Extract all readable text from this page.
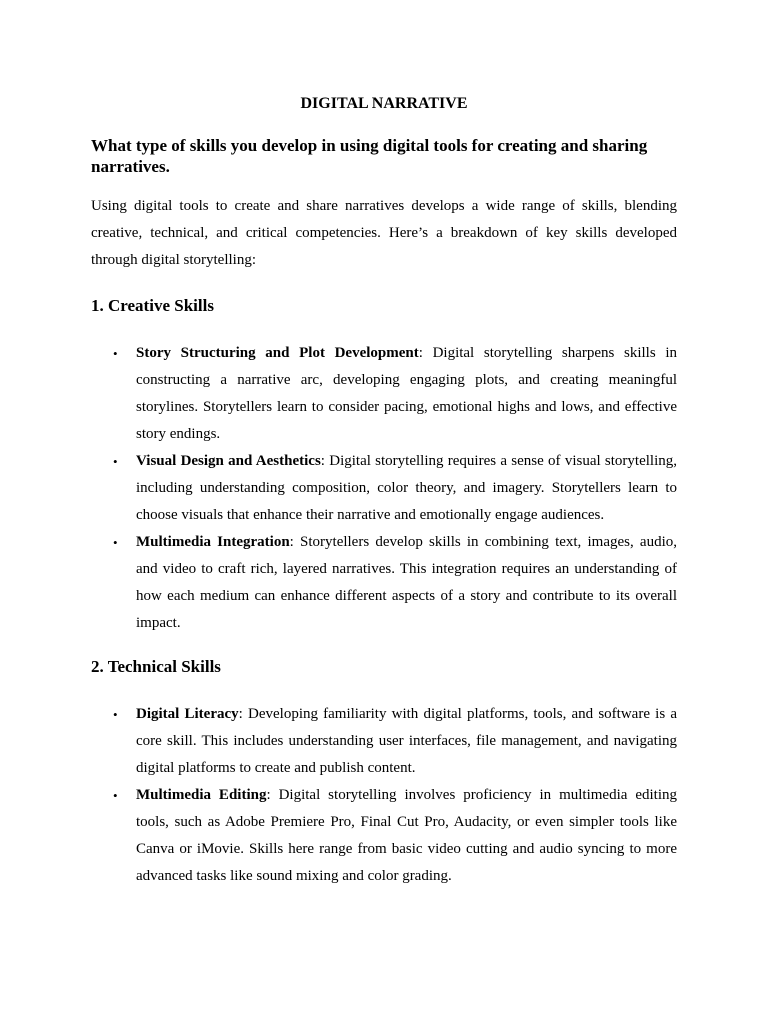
DIGITAL NARRATIVE
What type of skills you develop in using digital tools for creating and sharing narratives.

Using digital tools to create and share narratives develops a wide range of skills, blending creative, technical, and critical competencies. Here’s a breakdown of key skills developed through digital storytelling:

1. Creative Skills
• Story Structuring and Plot Development: Digital storytelling sharpens skills in constructing a narrative arc, developing engaging plots, and creating meaningful storylines. Storytellers learn to consider pacing, emotional highs and lows, and effective story endings.
• Visual Design and Aesthetics: Digital storytelling requires a sense of visual storytelling, including understanding composition, color theory, and imagery. Storytellers learn to choose visuals that enhance their narrative and emotionally engage audiences.
• Multimedia Integration: Storytellers develop skills in combining text, images, audio, and video to craft rich, layered narratives. This integration requires an understanding of how each medium can enhance different aspects of a story and contribute to its overall impact.
2. Technical Skills
• Digital Literacy: Developing familiarity with digital platforms, tools, and software is a core skill. This includes understanding user interfaces, file management, and navigating digital platforms to create and publish content.
• Multimedia Editing: Digital storytelling involves proficiency in multimedia editing tools, such as Adobe Premiere Pro, Final Cut Pro, Audacity, or even simpler tools like Canva or iMovie. Skills here range from basic video cutting and audio syncing to more advanced tasks like sound mixing and color grading.
